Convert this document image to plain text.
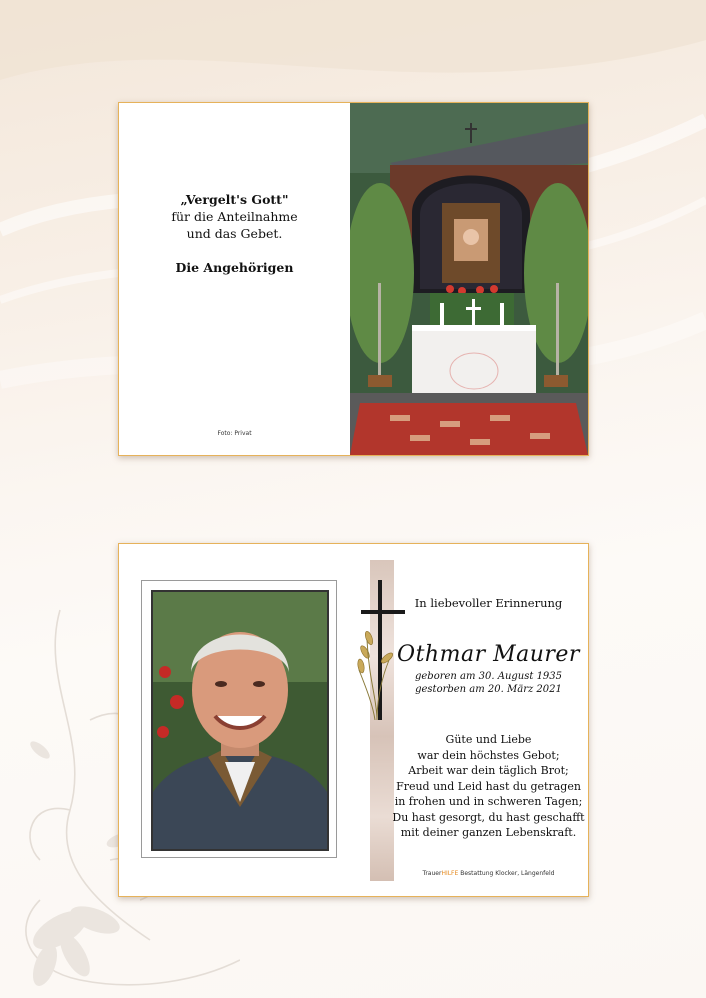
„Vergelt's Gott"
für die Anteilnahme
und das Gebet.
Die Angehörigen
Foto: Privat
In liebevoller Erinnerung
Othmar Maurer
geboren am 30. August 1935
gestorben am 20. März 2021
Güte und Liebe
war dein höchstes Gebot;
Arbeit war dein täglich Brot;
Freud und Leid hast du getragen
in frohen und in schweren Tagen;
Du hast gesorgt, du hast geschafft
mit deiner ganzen Lebenskraft.
TrauerHILFE Bestattung Klocker, Längenfeld
